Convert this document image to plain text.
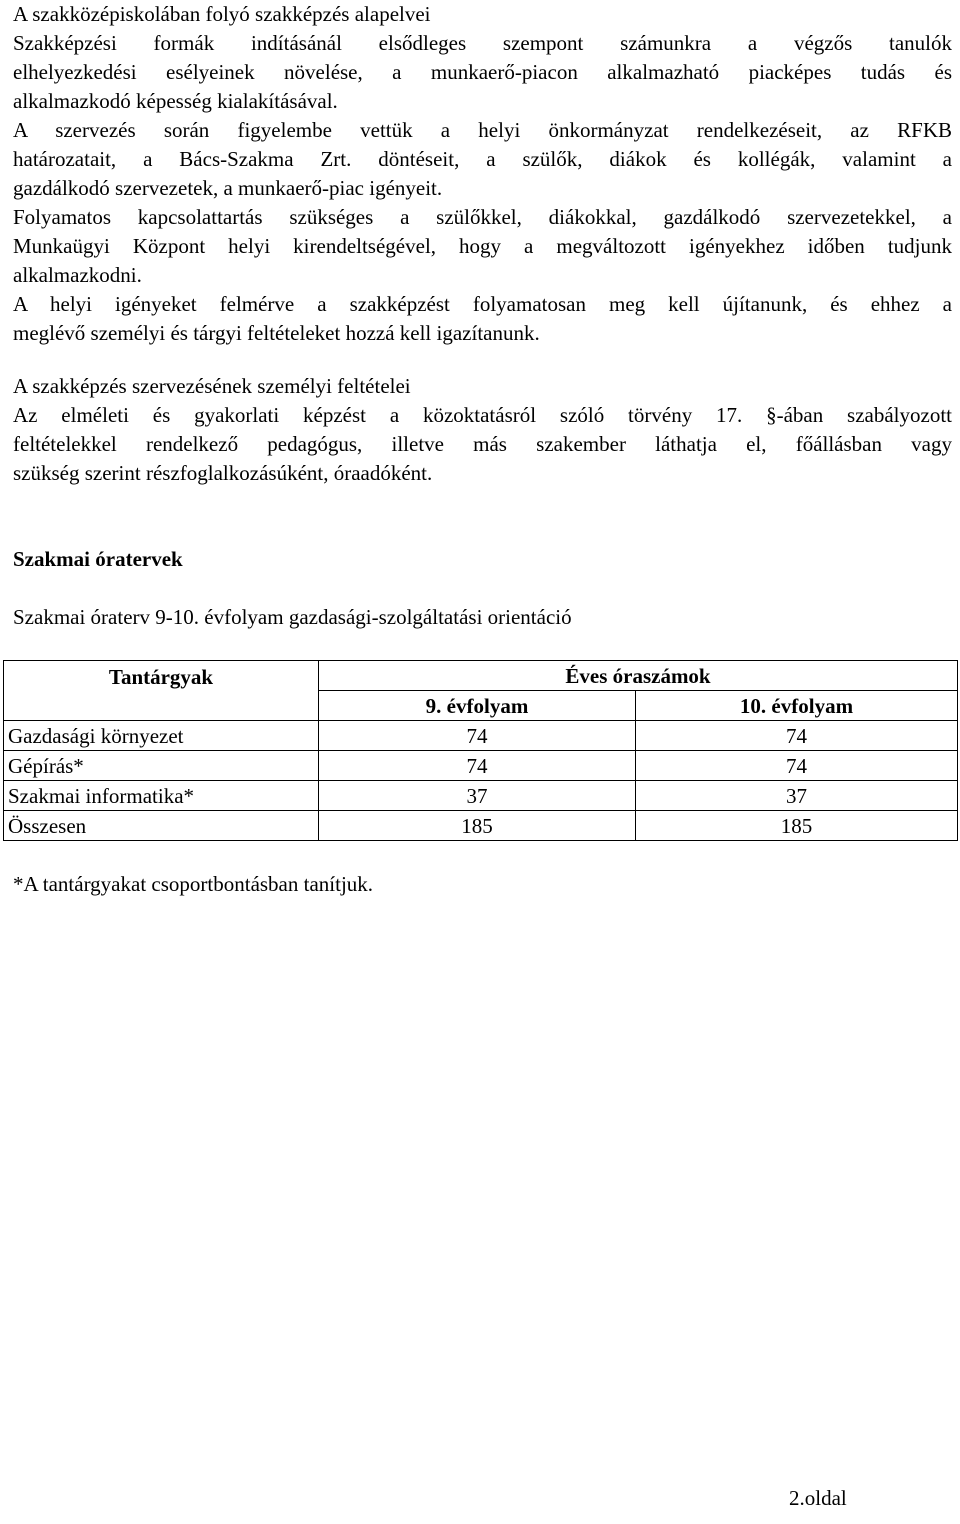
A szakközépiskolában folyó szakképzés alapelvei
Szakképzési formák indításánál elsődleges szempont számunkra a végzős tanulók
elhelyezkedési esélyeinek növelése, a munkaerő-piacon alkalmazható piacképes tudás és
alkalmazkodó képesség kialakításával.
A szervezés során figyelembe vettük a helyi önkormányzat rendelkezéseit, az RFKB
határozatait, a Bács-Szakma Zrt. döntéseit, a szülők, diákok és kollégák, valamint a
gazdálkodó szervezetek, a munkaerő-piac igényeit.
Folyamatos kapcsolattartás szükséges a szülőkkel, diákokkal, gazdálkodó szervezetekkel, a
Munkaügyi Központ helyi kirendeltségével, hogy a megváltozott igényekhez időben tudjunk
alkalmazkodni.
A helyi igényeket felmérve a szakképzést folyamatosan meg kell újítanunk, és ehhez a
meglévő személyi és tárgyi feltételeket hozzá kell igazítanunk.
A szakképzés szervezésének személyi feltételei
Az elméleti és gyakorlati képzést a közoktatásról szóló törvény 17. §-ában szabályozott
feltételekkel rendelkező pedagógus, illetve más szakember láthatja el, főállásban vagy
szükség szerint részfoglalkozásúként, óraadóként.
Szakmai óratervek
Szakmai óraterv 9-10. évfolyam gazdasági-szolgáltatási orientáció
Tantárgyak	Éves óraszámok	
	9. évfolyam	10. évfolyam
Gazdasági környezet	74	74
Gépírás*	74	74
Szakmai informatika*	37	37
Összesen	185	185
*A tantárgyakat csoportbontásban tanítjuk.
2.oldal
